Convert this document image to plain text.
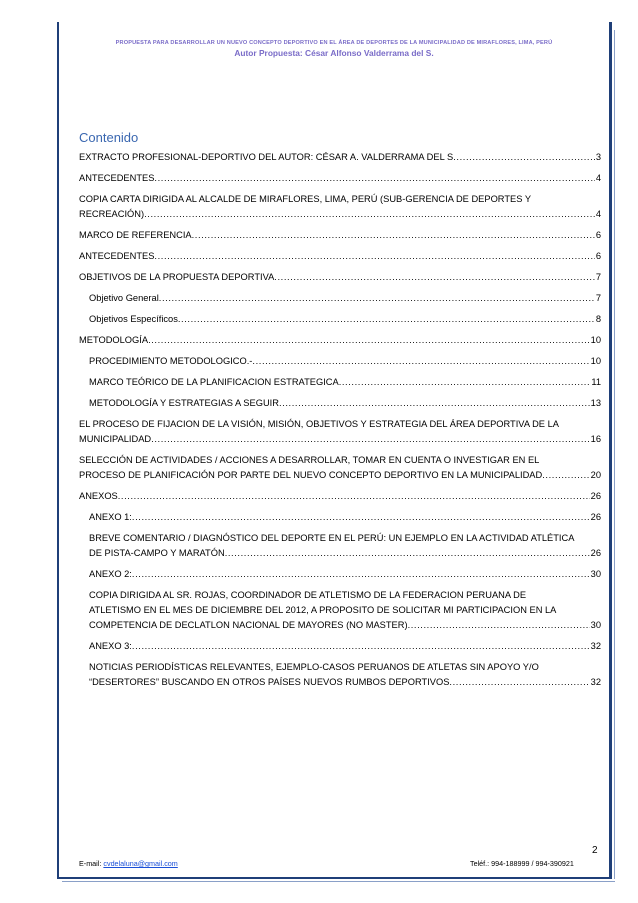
PROPUESTA PARA DESARROLLAR UN NUEVO CONCEPTO DEPORTIVO EN EL ÁREA DE DEPORTES DE LA MUNICIPALIDAD DE MIRAFLORES, LIMA, PERÚ
Autor Propuesta: César Alfonso Valderrama del S.
Contenido
EXTRACTO PROFESIONAL-DEPORTIVO DEL AUTOR: CÉSAR A. VALDERRAMA DEL S .....	3
ANTECEDENTES .....	4
COPIA CARTA DIRIGIDA AL ALCALDE DE MIRAFLORES, LIMA, PERÚ (SUB-GERENCIA DE DEPORTES Y
RECREACIÓN) .....	4
MARCO DE REFERENCIA .....	6
ANTECEDENTES .....	6
OBJETIVOS DE LA PROPUESTA DEPORTIVA .....	7
Objetivo General .....	7
Objetivos Específicos .....	8
METODOLOGÍA .....	10
PROCEDIMIENTO METODOLOGICO.- .....	10
MARCO TEÓRICO DE LA PLANIFICACION ESTRATEGICA .....	11
METODOLOGÍA Y ESTRATEGIAS A SEGUIR .....	13
EL PROCESO DE FIJACION DE LA VISIÓN, MISIÓN, OBJETIVOS Y ESTRATEGIA DEL ÁREA DEPORTIVA DE LA
MUNICIPALIDAD .....	16
SELECCIÓN DE ACTIVIDADES / ACCIONES A DESARROLLAR, TOMAR EN CUENTA O INVESTIGAR EN EL
PROCESO DE PLANIFICACIÓN POR PARTE DEL NUEVO CONCEPTO DEPORTIVO EN LA MUNICIPALIDAD .....	20
ANEXOS .....	26
ANEXO 1: .....	26
BREVE COMENTARIO / DIAGNÓSTICO DEL DEPORTE EN EL PERÚ: UN EJEMPLO EN LA ACTIVIDAD ATLÉTICA
DE PISTA-CAMPO Y MARATÓN .....	26
ANEXO 2: .....	30
COPIA DIRIGIDA AL SR. ROJAS, COORDINADOR DE ATLETISMO DE LA FEDERACION PERUANA DE
ATLETISMO EN EL MES DE DICIEMBRE DEL 2012, A PROPOSITO DE SOLICITAR MI PARTICIPACION EN LA
COMPETENCIA DE DECLATLON NACIONAL DE MAYORES (NO MASTER) .....	30
ANEXO 3: .....	32
NOTICIAS PERIODÍSTICAS RELEVANTES, EJEMPLO-CASOS PERUANOS DE ATLETAS SIN APOYO Y/O
“DESERTORES” BUSCANDO EN OTROS PAÍSES NUEVOS RUMBOS DEPORTIVOS .....	32
2
E-mail: cvdelaluna@gmail.com	Teléf.: 994-188999 / 994-390921
